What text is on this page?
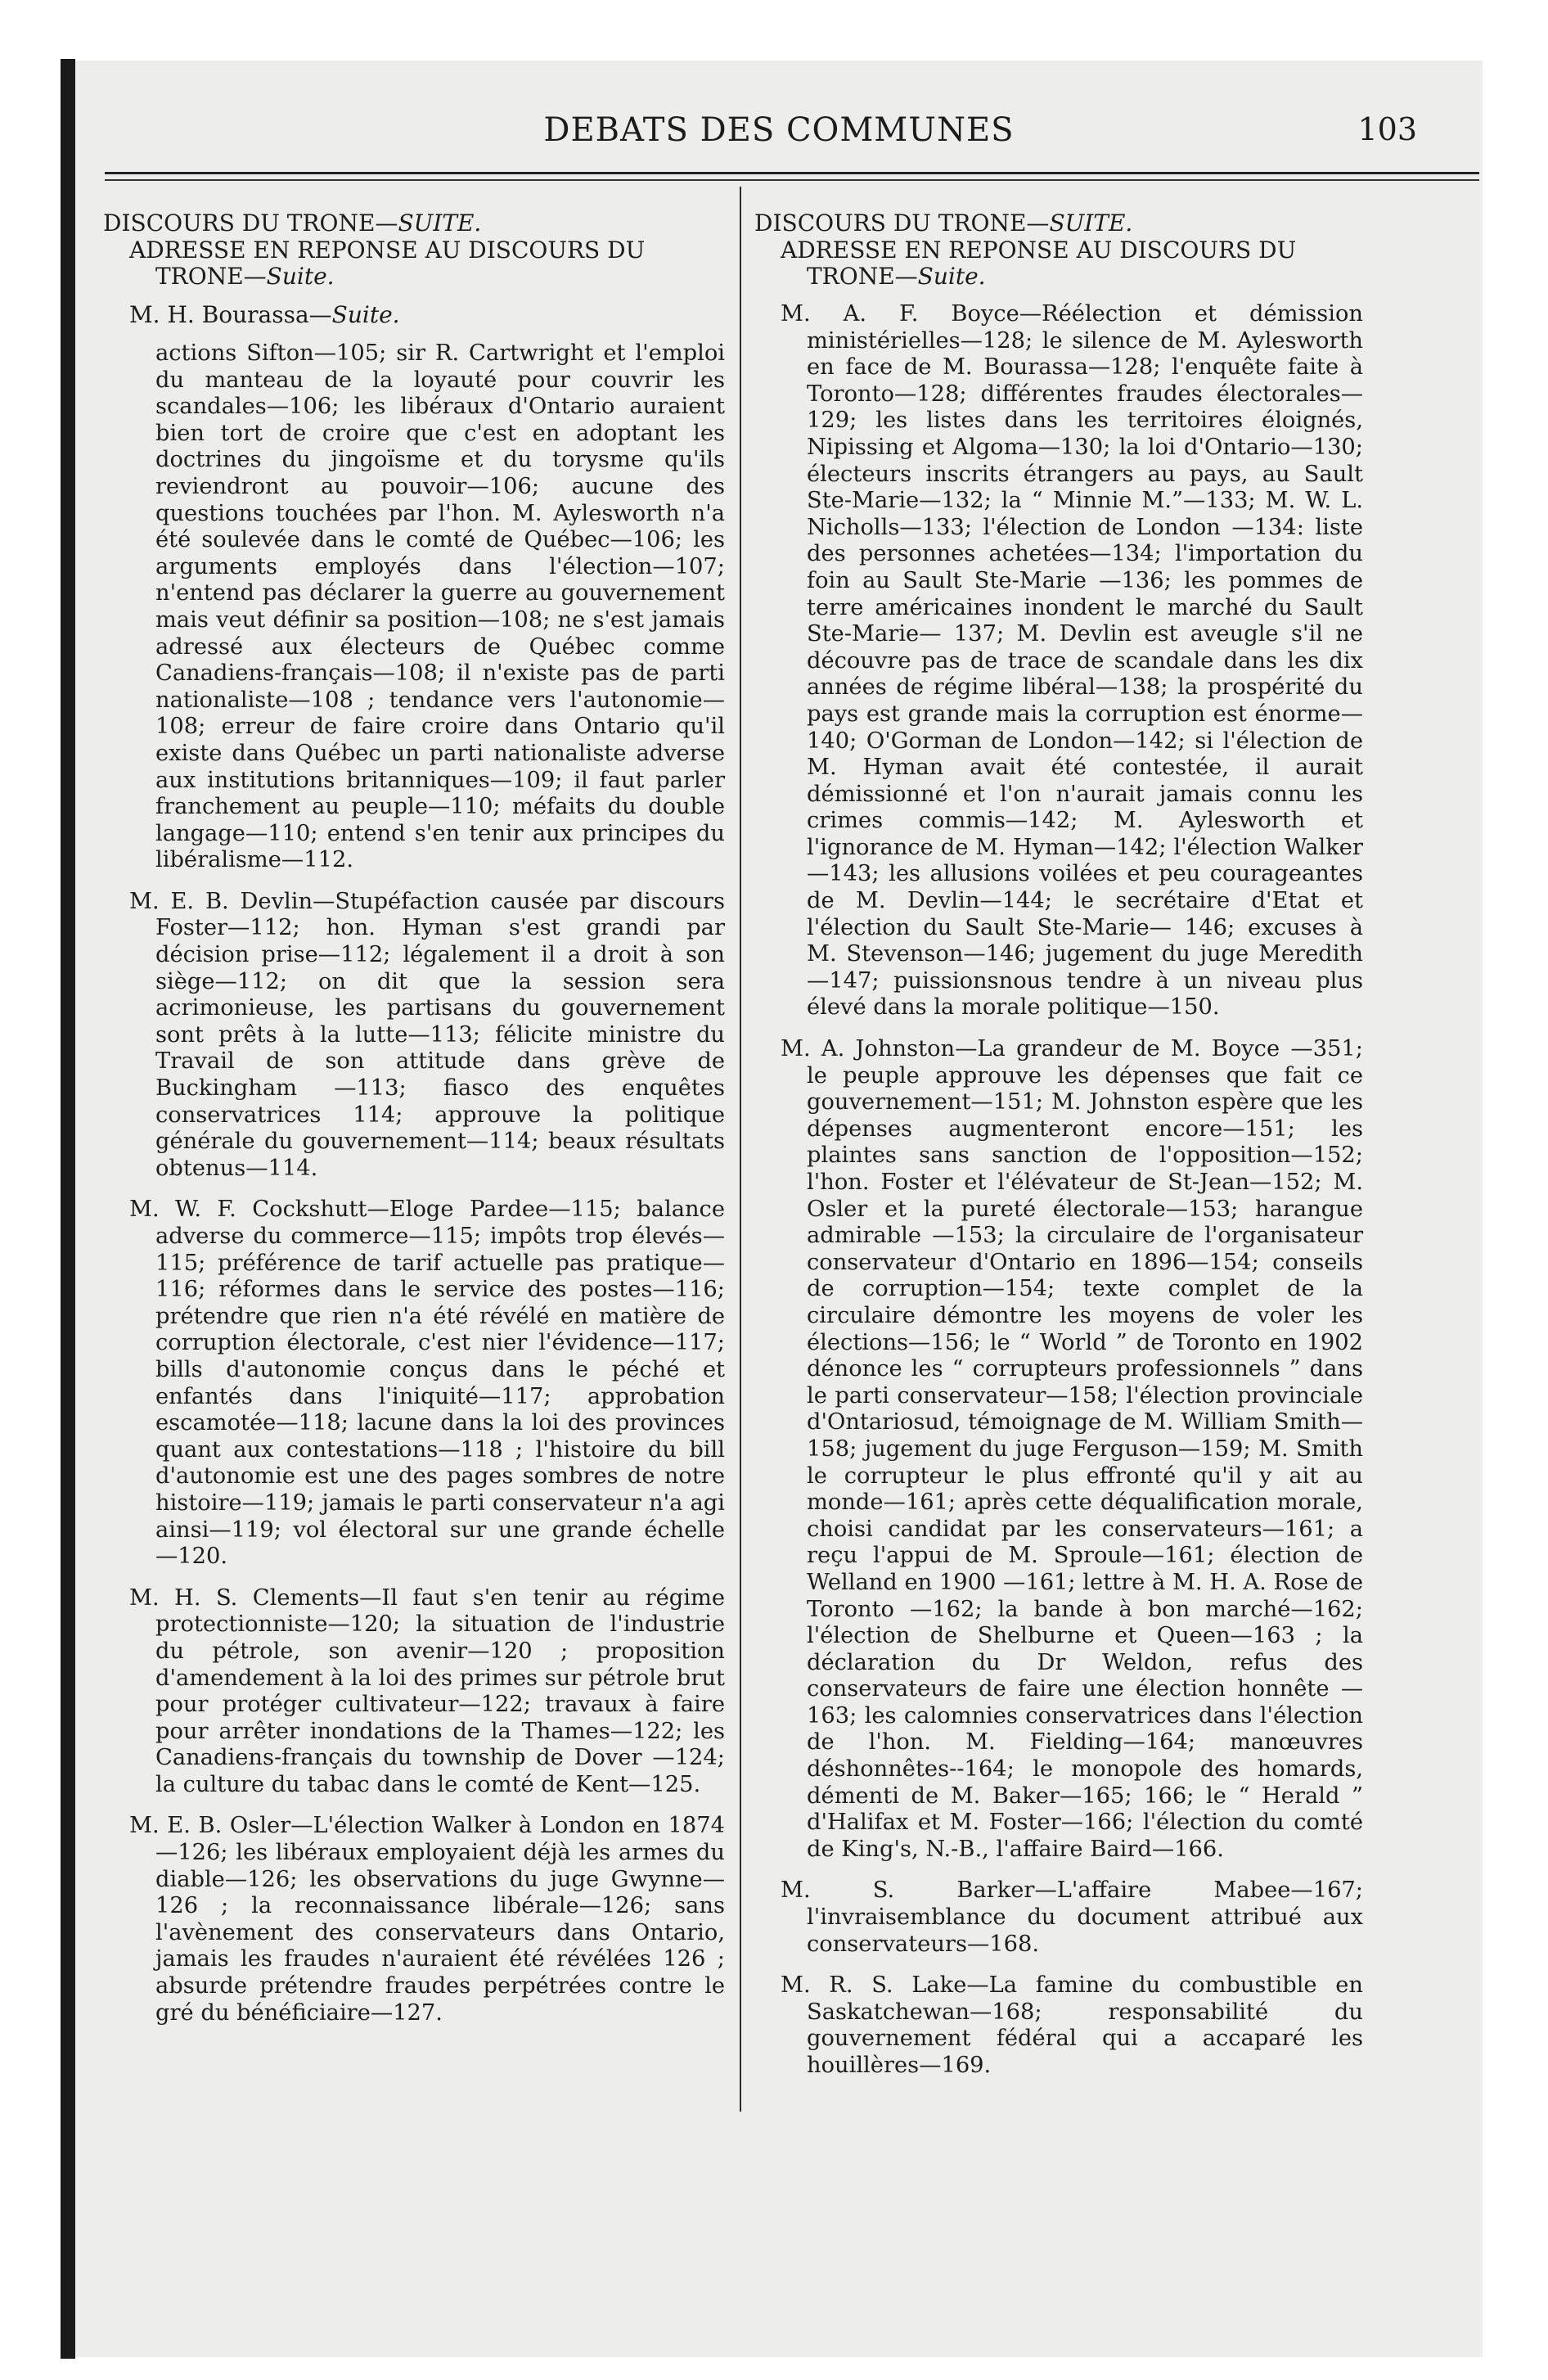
DEBATS DES COMMUNES	103
DISCOURS DU TRONE—SUITE.
ADRESSE EN REPONSE AU DISCOURS DU TRONE—Suite.
M. H. Bourassa—Suite.

actions Sifton—105; sir R. Cartwright et l'emploi du manteau de la loyauté pour couvrir les scandales—106; les libéraux d'Ontario auraient bien tort de croire que c'est en adoptant les doctrines du jingoïsme et du torysme qu'ils reviendront au pouvoir—106; aucune des questions touchées par l'hon. M. Aylesworth n'a été soulevée dans le comté de Québec—106; les arguments employés dans l'élection—107; n'entend pas déclarer la guerre au gouvernement mais veut définir sa position—108; ne s'est jamais adressé aux électeurs de Québec comme Canadiens-français—108; il n'existe pas de parti nationaliste—108 ; tendance vers l'autonomie—108; erreur de faire croire dans Ontario qu'il existe dans Québec un parti nationaliste adverse aux institutions britanniques—109; il faut parler franchement au peuple—110; méfaits du double langage—110; entend s'en tenir aux principes du libéralisme—112.

M. E. B. Devlin—Stupéfaction causée par discours Foster—112; hon. Hyman s'est grandi par décision prise—112; légalement il a droit à son siège—112; on dit que la session sera acrimonieuse, les partisans du gouvernement sont prêts à la lutte—113; félicite ministre du Travail de son attitude dans grève de Buckingham —113; fiasco des enquêtes conservatrices 114; approuve la politique générale du gouvernement—114; beaux résultats obtenus—114.

M. W. F. Cockshutt—Eloge Pardee—115; balance adverse du commerce—115; impôts trop élevés—115; préférence de tarif actuelle pas pratique—116; réformes dans le service des postes—116; prétendre que rien n'a été révélé en matière de corruption électorale, c'est nier l'évidence—117; bills d'autonomie conçus dans le péché et enfantés dans l'iniquité—117; approbation escamotée—118; lacune dans la loi des provinces quant aux contestations—118 ; l'histoire du bill d'autonomie est une des pages sombres de notre histoire—119; jamais le parti conservateur n'a agi ainsi—119; vol électoral sur une grande échelle —120.

M. H. S. Clements—Il faut s'en tenir au régime protectionniste—120; la situation de l'industrie du pétrole, son avenir—120 ; proposition d'amendement à la loi des primes sur pétrole brut pour protéger cultivateur—122; travaux à faire pour arrêter inondations de la Thames—122; les Canadiens-français du township de Dover —124; la culture du tabac dans le comté de Kent—125.

M. E. B. Osler—L'élection Walker à London en 1874—126; les libéraux employaient déjà les armes du diable—126; les observations du juge Gwynne—126 ; la reconnaissance libérale—126; sans l'avènement des conservateurs dans Ontario, jamais les fraudes n'auraient été révélées 126 ; absurde prétendre fraudes perpétrées contre le gré du bénéficiaire—127.

DISCOURS DU TRONE—SUITE.
ADRESSE EN REPONSE AU DISCOURS DU TRONE—Suite.

M. A. F. Boyce—Réélection et démission ministérielles—128; le silence de M. Aylesworth en face de M. Bourassa—128; l'enquête faite à Toronto—128; différentes fraudes électorales—129; les listes dans les territoires éloignés, Nipissing et Algoma—130; la loi d'Ontario—130; électeurs inscrits étrangers au pays, au Sault Ste-Marie—132; la “ Minnie M.”—133; M. W. L. Nicholls—133; l'élection de London —134: liste des personnes achetées—134; l'importation du foin au Sault Ste-Marie —136; les pommes de terre américaines inondent le marché du Sault Ste-Marie— 137; M. Devlin est aveugle s'il ne découvre pas de trace de scandale dans les dix années de régime libéral—138; la prospérité du pays est grande mais la corruption est énorme—140; O'Gorman de London—142; si l'élection de M. Hyman avait été contestée, il aurait démissionné et l'on n'aurait jamais connu les crimes commis—142; M. Aylesworth et l'ignorance de M. Hyman—142; l'élection Walker —143; les allusions voilées et peu courageantes de M. Devlin—144; le secrétaire d'Etat et l'élection du Sault Ste-Marie— 146; excuses à M. Stevenson—146; jugement du juge Meredith—147; puissionsnous tendre à un niveau plus élevé dans la morale politique—150.

M. A. Johnston—La grandeur de M. Boyce —351; le peuple approuve les dépenses que fait ce gouvernement—151; M. Johnston espère que les dépenses augmenteront encore—151; les plaintes sans sanction de l'opposition—152; l'hon. Foster et l'élévateur de St-Jean—152; M. Osler et la pureté électorale—153; harangue admirable —153; la circulaire de l'organisateur conservateur d'Ontario en 1896—154; conseils de corruption—154; texte complet de la circulaire démontre les moyens de voler les élections—156; le “ World ” de Toronto en 1902 dénonce les “ corrupteurs professionnels ” dans le parti conservateur—158; l'élection provinciale d'Ontariosud, témoignage de M. William Smith— 158; jugement du juge Ferguson—159; M. Smith le corrupteur le plus effronté qu'il y ait au monde—161; après cette déqualification morale, choisi candidat par les conservateurs—161; a reçu l'appui de M. Sproule—161; élection de Welland en 1900 —161; lettre à M. H. A. Rose de Toronto —162; la bande à bon marché—162; l'élection de Shelburne et Queen—163 ; la déclaration du Dr Weldon, refus des conservateurs de faire une élection honnête —163; les calomnies conservatrices dans l'élection de l'hon. M. Fielding—164; manœuvres déshonnêtes--164; le monopole des homards, démenti de M. Baker—165; 166; le “ Herald ” d'Halifax et M. Foster—166; l'élection du comté de King's, N.-B., l'affaire Baird—166.

M. S. Barker—L'affaire Mabee—167; l'invraisemblance du document attribué aux conservateurs—168.

M. R. S. Lake—La famine du combustible en Saskatchewan—168; responsabilité du gouvernement fédéral qui a accaparé les houillères—169.
